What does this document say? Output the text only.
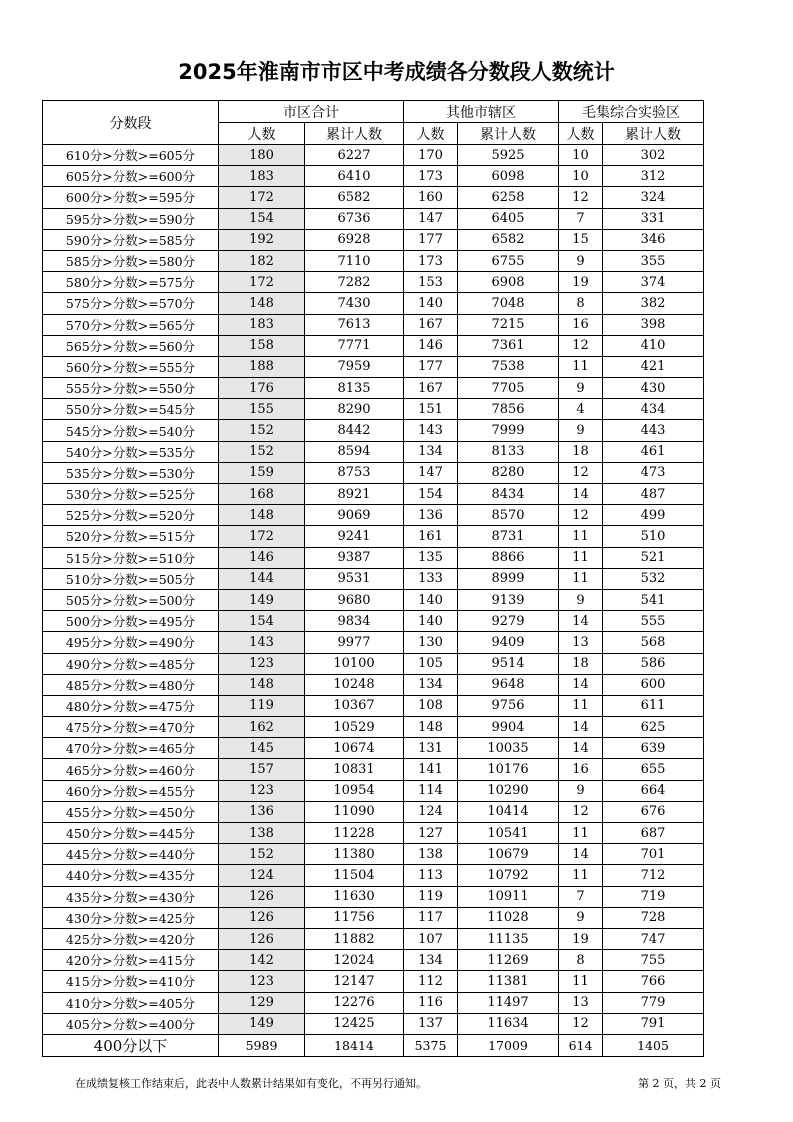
2025年淮南市市区中考成绩各分数段人数统计
分数段	市区合计		其他市辖区		毛集综合实验区	
	人数	累计人数	人数	累计人数	人数	累计人数
610分>分数>=605分	180	6227	170	5925	10	302
605分>分数>=600分	183	6410	173	6098	10	312
600分>分数>=595分	172	6582	160	6258	12	324
595分>分数>=590分	154	6736	147	6405	7	331
590分>分数>=585分	192	6928	177	6582	15	346
585分>分数>=580分	182	7110	173	6755	9	355
580分>分数>=575分	172	7282	153	6908	19	374
575分>分数>=570分	148	7430	140	7048	8	382
570分>分数>=565分	183	7613	167	7215	16	398
565分>分数>=560分	158	7771	146	7361	12	410
560分>分数>=555分	188	7959	177	7538	11	421
555分>分数>=550分	176	8135	167	7705	9	430
550分>分数>=545分	155	8290	151	7856	4	434
545分>分数>=540分	152	8442	143	7999	9	443
540分>分数>=535分	152	8594	134	8133	18	461
535分>分数>=530分	159	8753	147	8280	12	473
530分>分数>=525分	168	8921	154	8434	14	487
525分>分数>=520分	148	9069	136	8570	12	499
520分>分数>=515分	172	9241	161	8731	11	510
515分>分数>=510分	146	9387	135	8866	11	521
510分>分数>=505分	144	9531	133	8999	11	532
505分>分数>=500分	149	9680	140	9139	9	541
500分>分数>=495分	154	9834	140	9279	14	555
495分>分数>=490分	143	9977	130	9409	13	568
490分>分数>=485分	123	10100	105	9514	18	586
485分>分数>=480分	148	10248	134	9648	14	600
480分>分数>=475分	119	10367	108	9756	11	611
475分>分数>=470分	162	10529	148	9904	14	625
470分>分数>=465分	145	10674	131	10035	14	639
465分>分数>=460分	157	10831	141	10176	16	655
460分>分数>=455分	123	10954	114	10290	9	664
455分>分数>=450分	136	11090	124	10414	12	676
450分>分数>=445分	138	11228	127	10541	11	687
445分>分数>=440分	152	11380	138	10679	14	701
440分>分数>=435分	124	11504	113	10792	11	712
435分>分数>=430分	126	11630	119	10911	7	719
430分>分数>=425分	126	11756	117	11028	9	728
425分>分数>=420分	126	11882	107	11135	19	747
420分>分数>=415分	142	12024	134	11269	8	755
415分>分数>=410分	123	12147	112	11381	11	766
410分>分数>=405分	129	12276	116	11497	13	779
405分>分数>=400分	149	12425	137	11634	12	791
400分以下	5989	18414	5375	17009	614	1405
在成绩复核工作结束后，此表中人数累计结果如有变化，不再另行通知。	第 2 页，共 2 页
